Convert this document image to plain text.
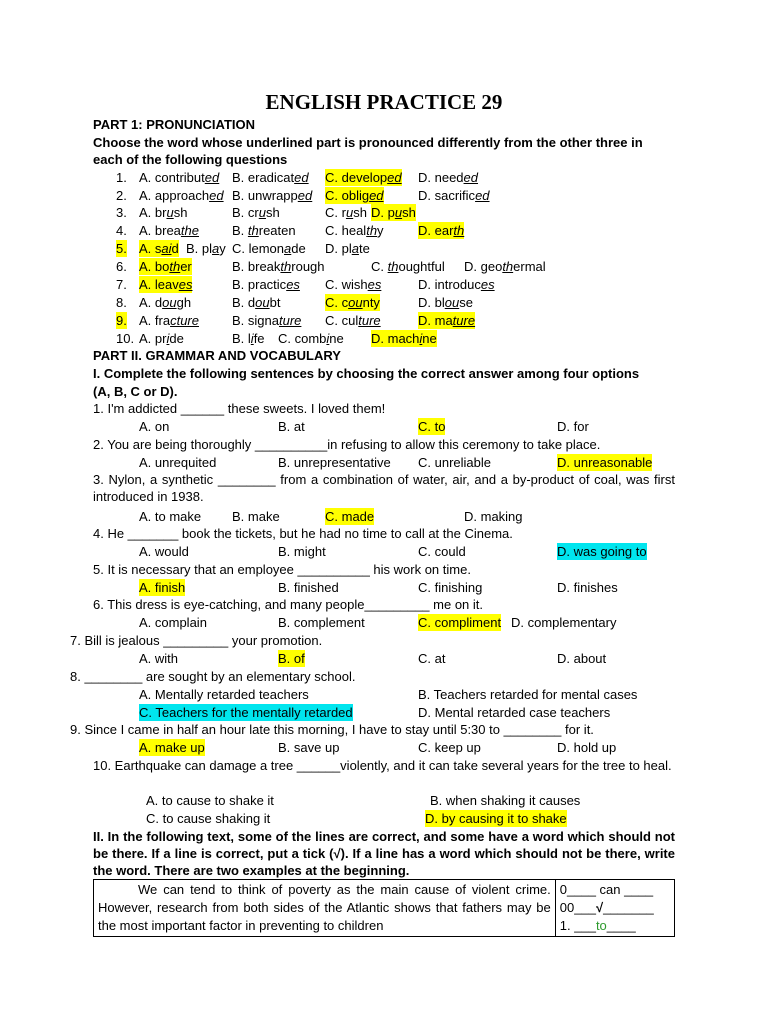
ENGLISH PRACTICE 29
PART 1: PRONUNCIATION
Choose the word whose underlined part is pronounced differently from the other three in
each of the following questions
1. A. contributed B. eradicated C. developed D. needed
2. A. approached B. unwrapped C. obliged	D. sacrificed
3. A. brush	B. crush	C. rush D. push
4. A. breathe	B. threaten C. healthy	D. earth
5. A. said B. play C. lemonade D. plate
6. A. bother	B. breakthrough	C. thoughtful D. geothermal
7. A. leaves	B. practices C. wishes	D. introduces
8. A. dough	B. doubt	C. county	D. blouse
9. A. fracture	B. signature C. culture	D. mature
10. A. pride	B. life C. combine D. machine
PART II. GRAMMAR AND VOCABULARY
I. Complete the following sentences by choosing the correct answer among four options
(A, B, C or D).
1. I'm addicted ______ these sweets. I loved them!
A. on	B. at	C. to	D. for
2. You are being thoroughly __________in refusing to allow this ceremony to take place.
A. unrequited	B. unrepresentative C. unreliable	D. unreasonable
3. Nylon, a synthetic ________ from a combination of water, air, and a by-product of coal, was first introduced in 1938.
A. to make B. make	C. made	D. making
4. He _______ book the tickets, but he had no time to call at the Cinema.
A. would	B. might	C. could	D. was going to
5. It is necessary that an employee __________ his work on time.
A. finish	B. finished	C. finishing	D. finishes
6. This dress is eye-catching, and many people_________ me on it.
A. complain	B. complement	C. compliment D. complementary
7. Bill is jealous _________ your promotion.
A. with	B. of	C. at	D. about
8. ________ are sought by an elementary school.
A. Mentally retarded teachers	B. Teachers retarded for mental cases
C. Teachers for the mentally retarded	D. Mental retarded case teachers
9. Since I came in half an hour late this morning, I have to stay until 5:30 to ________ for it.
A. make up	B. save up	C. keep up	D. hold up
10. Earthquake can damage a tree ______violently, and it can take several years for the tree to heal.
A. to cause to shake it	B. when shaking it causes
C. to cause shaking it	D. by causing it to shake
II. In the following text, some of the lines are correct, and some have a word which should not be there. If a line is correct, put a tick (√). If a line has a word which should not be there, write the word. There are two examples at the beginning.
We can tend to think of poverty as the main cause of violent crime. However, research from both sides of the Atlantic shows that fathers may be the most important factor in preventing to children	
0____ can ____
00___√_______
1. ___to____
